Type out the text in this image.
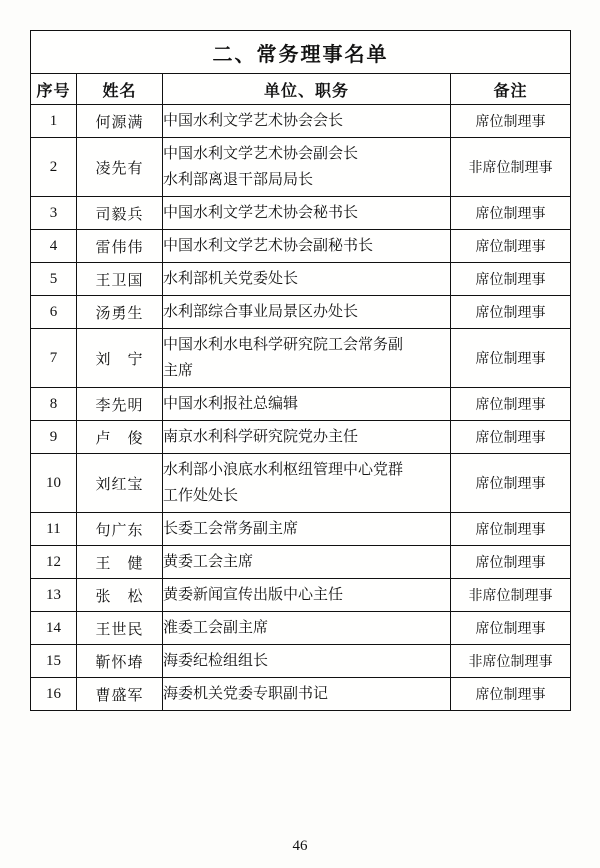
二、常务理事名单			
序号	姓名	单位、职务	备注
1	何源满	中国水利文学艺术协会会长	席位制理事
2	凌先有	中国水利文学艺术协会副会长
水利部离退干部局局长	非席位制理事
3	司毅兵	中国水利文学艺术协会秘书长	席位制理事
4	雷伟伟	中国水利文学艺术协会副秘书长	席位制理事
5	王卫国	水利部机关党委处长	席位制理事
6	汤勇生	水利部综合事业局景区办处长	席位制理事
7	刘　宁	中国水利水电科学研究院工会常务副
主席	席位制理事
8	李先明	中国水利报社总编辑	席位制理事
9	卢　俊	南京水利科学研究院党办主任	席位制理事
10	刘红宝	水利部小浪底水利枢纽管理中心党群
工作处处长	席位制理事
11	句广东	长委工会常务副主席	席位制理事
12	王　健	黄委工会主席	席位制理事
13	张　松	黄委新闻宣传出版中心主任	非席位制理事
14	王世民	淮委工会副主席	席位制理事
15	靳怀堾	海委纪检组组长	非席位制理事
16	曹盛军	海委机关党委专职副书记	席位制理事
46
